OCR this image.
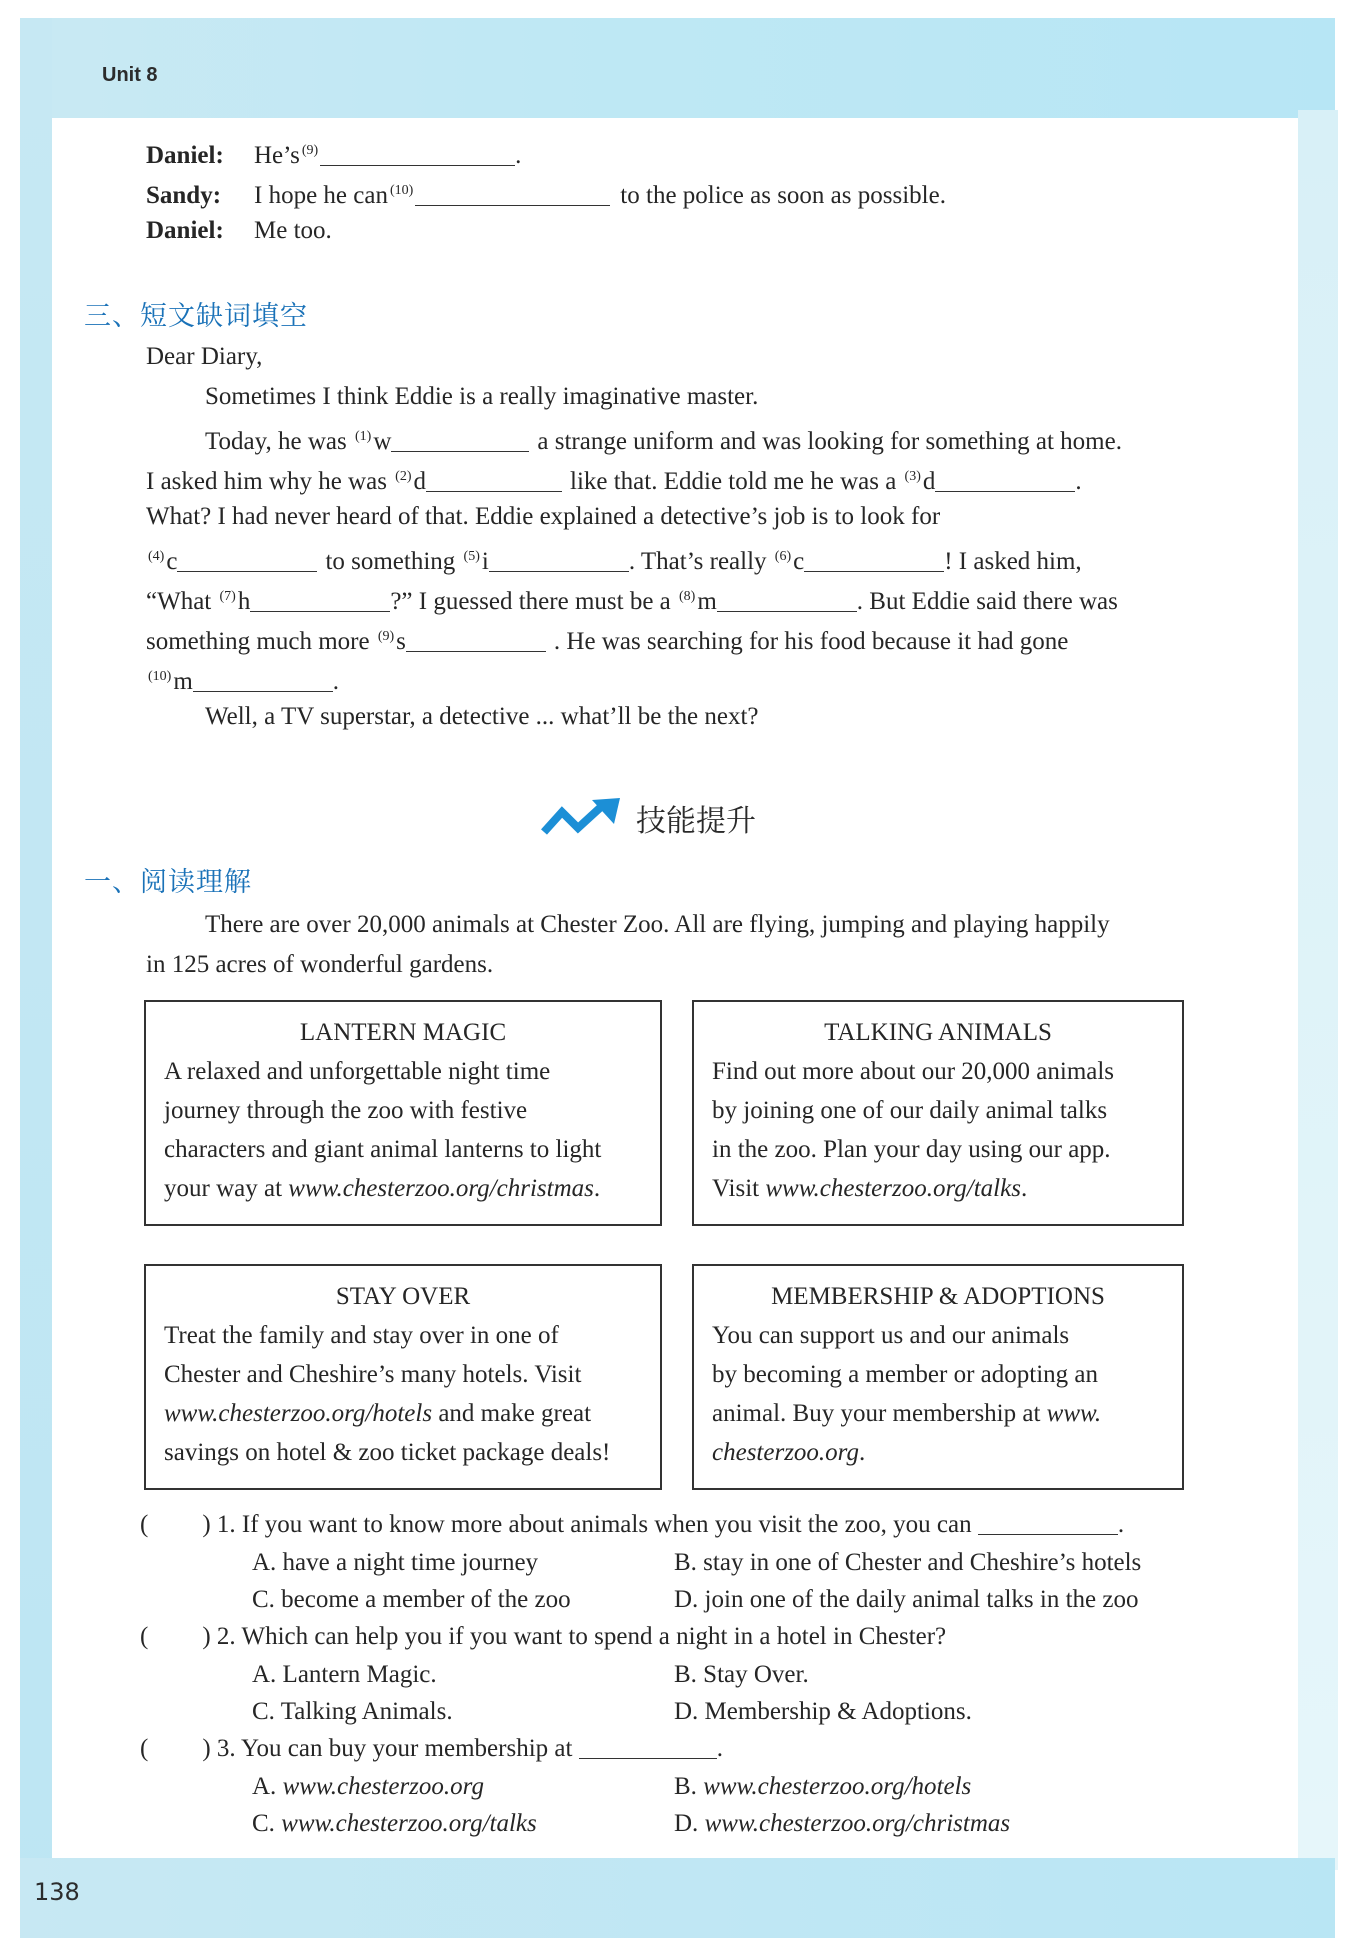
Unit 8
138
Daniel: He’s $^{(9)}$	.
Sandy: I hope he can $^{(10)}$	to the police as soon as possible.
Daniel: Me too.
三、短文缺词填空
Dear Diary,
Sometimes I think Eddie is a really imaginative master.
Today, he was $^{(1)}$w	a strange uniform and was looking for something at home.
I asked him why he was $^{(2)}$d	like that. Eddie told me he was a $^{(3)}$d	.
What? I had never heard of that. Eddie explained a detective’s job is to look for
$^{(4)}$c	to something $^{(5)}$i	. That’s really $^{(6)}$c	! I asked him,
“What $^{(7)}$h	?” I guessed there must be a $^{(8)}$m	. But Eddie said there was
something much more $^{(9)}$s	. He was searching for his food because it had gone
$^{(10)}$m	.
Well, a TV superstar, a detective ... what’ll be the next?
技能提升
一、阅读理解
There are over 20,000 animals at Chester Zoo. All are flying, jumping and playing happily
in 125 acres of wonderful gardens.
LANTERN MAGIC
A relaxed and unforgettable night time
journey through the zoo with festive
characters and giant animal lanterns to light
your way at www.chesterzoo.org/christmas.
TALKING ANIMALS
Find out more about our 20,000 animals
by joining one of our daily animal talks
in the zoo. Plan your day using our app.
Visit www.chesterzoo.org/talks.
STAY OVER
Treat the family and stay over in one of
Chester and Cheshire’s many hotels. Visit
www.chesterzoo.org/hotels and make great
savings on hotel & zoo ticket package deals!
MEMBERSHIP & ADOPTIONS
You can support us and our animals
by becoming a member or adopting an
animal. Buy your membership at www.
chesterzoo.org.
( ) 1. If you want to know more about animals when you visit the zoo, you can	.
A. have a night time journey	B. stay in one of Chester and Cheshire’s hotels
C. become a member of the zoo	D. join one of the daily animal talks in the zoo
( ) 2. Which can help you if you want to spend a night in a hotel in Chester?
A. Lantern Magic.	B. Stay Over.
C. Talking Animals.	D. Membership & Adoptions.
( ) 3. You can buy your membership at	.
A. www.chesterzoo.org	B. www.chesterzoo.org/hotels
C. www.chesterzoo.org/talks	D. www.chesterzoo.org/christmas
